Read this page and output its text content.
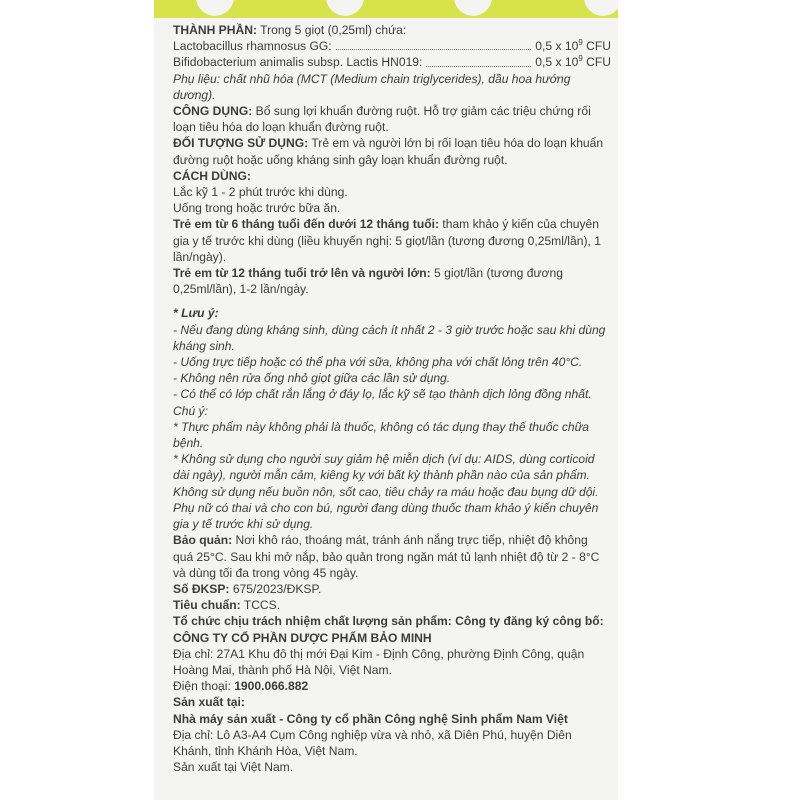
THÀNH PHẦN: Trong 5 giọt (0,25ml) chứa:

Lactobacillus rhamnosus GG:	0,5 x $10^9$ CFU
Bifidobacterium animalis subsp. Lactis HN019:	0,5 x $10^9$ CFU

Phụ liệu: chất nhũ hóa (MCT (Medium chain triglycerides), dầu hoa hướng dương).

CÔNG DỤNG: Bổ sung lợi khuẩn đường ruột. Hỗ trợ giảm các triệu chứng rối loạn tiêu hóa do loạn khuẩn đường ruột.

ĐỐI TƯỢNG SỬ DỤNG: Trẻ em và người lớn bị rối loạn tiêu hóa do loạn khuẩn đường ruột hoặc uống kháng sinh gây loạn khuẩn đường ruột.

CÁCH DÙNG:

Lắc kỹ 1 - 2 phút trước khi dùng.

Uống trong hoặc trước bữa ăn.

Trẻ em từ 6 tháng tuổi đến dưới 12 tháng tuổi: tham khảo ý kiến của chuyên gia y tế trước khi dùng (liều khuyến nghị: 5 giọt/lần (tương đương 0,25ml/lần), 1 lần/ngày).

Trẻ em từ 12 tháng tuổi trở lên và người lớn: 5 giọt/lần (tương đương 0,25ml/lần), 1-2 lần/ngày.

* Lưu ý:

- Nếu đang dùng kháng sinh, dùng cách ít nhất 2 - 3 giờ trước hoặc sau khi dùng kháng sinh.

- Uống trực tiếp hoặc có thể pha với sữa, không pha với chất lỏng trên 40°C.

- Không nên rửa ống nhỏ giọt giữa các lần sử dụng.

- Có thể có lớp chất rắn lắng ở đáy lọ, lắc kỹ sẽ tạo thành dịch lỏng đồng nhất.

Chú ý:

* Thực phẩm này không phải là thuốc, không có tác dụng thay thế thuốc chữa bệnh.

* Không sử dụng cho người suy giảm hệ miễn dịch (ví dụ: AIDS, dùng corticoid dài ngày), người mẫn cảm, kiêng kỵ với bất kỳ thành phần nào của sản phẩm. Không sử dụng nếu buồn nôn, sốt cao, tiêu chảy ra máu hoặc đau bụng dữ dội.

Phụ nữ có thai và cho con bú, người đang dùng thuốc tham khảo ý kiến chuyên gia y tế trước khi sử dụng.

Bảo quản: Nơi khô ráo, thoáng mát, tránh ánh nắng trực tiếp, nhiệt độ không quá 25°C. Sau khi mở nắp, bảo quản trong ngăn mát tủ lạnh nhiệt độ từ 2 - 8°C và dùng tối đa trong vòng 45 ngày.

Số ĐKSP: 675/2023/ĐKSP.

Tiêu chuẩn: TCCS.

Tổ chức chịu trách nhiệm chất lượng sản phẩm: Công ty đăng ký công bố:

CÔNG TY CỔ PHẦN DƯỢC PHẨM BẢO MINH

Địa chỉ: 27A1 Khu đô thị mới Đại Kim - Định Công, phường Định Công, quận Hoàng Mai, thành phố Hà Nội, Việt Nam.

Điện thoại: 1900.066.882

Sản xuất tại:

Nhà máy sản xuất - Công ty cổ phần Công nghệ Sinh phẩm Nam Việt

Địa chỉ: Lô A3-A4 Cụm Công nghiệp vừa và nhỏ, xã Diên Phú, huyện Diên Khánh, tỉnh Khánh Hòa, Việt Nam.

Sản xuất tại Việt Nam.
